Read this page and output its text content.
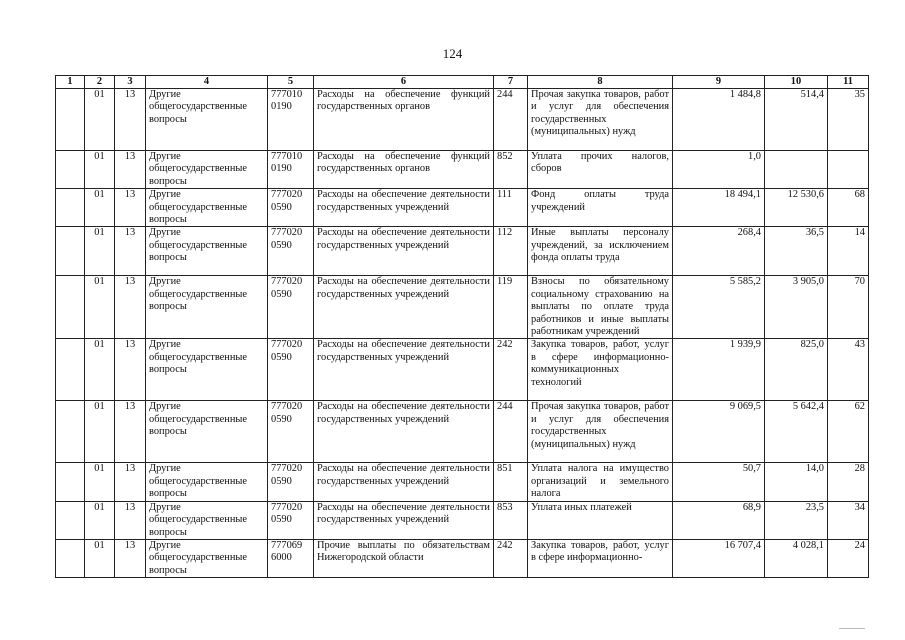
124
1	2	3	4	5	6	7	8	9	10	11
	01	13	Другие общегосударственные вопросы	777010 0190	Расходы на обеспечение функций государственных органов	244	Прочая закупка товаров, работ и услуг для обеспечения государственных (муниципальных) нужд	1 484,8	514,4	35
	01	13	Другие общегосударственные вопросы	777010 0190	Расходы на обеспечение функций государственных органов	852	Уплата прочих налогов, сборов	1,0		
	01	13	Другие общегосударственные вопросы	777020 0590	Расходы на обеспечение деятельности государственных учреждений	111	Фонд оплаты труда учреждений	18 494,1	12 530,6	68
	01	13	Другие общегосударственные вопросы	777020 0590	Расходы на обеспечение деятельности государственных учреждений	112	Иные выплаты персоналу учреждений, за исключением фонда оплаты труда	268,4	36,5	14
	01	13	Другие общегосударственные вопросы	777020 0590	Расходы на обеспечение деятельности государственных учреждений	119	Взносы по обязательному социальному страхованию на выплаты по оплате труда работников и иные выплаты работникам учреждений	5 585,2	3 905,0	70
	01	13	Другие общегосударственные вопросы	777020 0590	Расходы на обеспечение деятельности государственных учреждений	242	Закупка товаров, работ, услуг в сфере информационно-коммуникационных технологий	1 939,9	825,0	43
	01	13	Другие общегосударственные вопросы	777020 0590	Расходы на обеспечение деятельности государственных учреждений	244	Прочая закупка товаров, работ и услуг для обеспечения государственных (муниципальных) нужд	9 069,5	5 642,4	62
	01	13	Другие общегосударственные вопросы	777020 0590	Расходы на обеспечение деятельности государственных учреждений	851	Уплата налога на имущество организаций и земельного налога	50,7	14,0	28
	01	13	Другие общегосударственные вопросы	777020 0590	Расходы на обеспечение деятельности государственных учреждений	853	Уплата иных платежей	68,9	23,5	34
	01	13	Другие общегосударственные вопросы	777069 6000	Прочие выплаты по обязательствам Нижегородской области	242	Закупка товаров, работ, услуг в сфере информационно-	16 707,4	4 028,1	24
